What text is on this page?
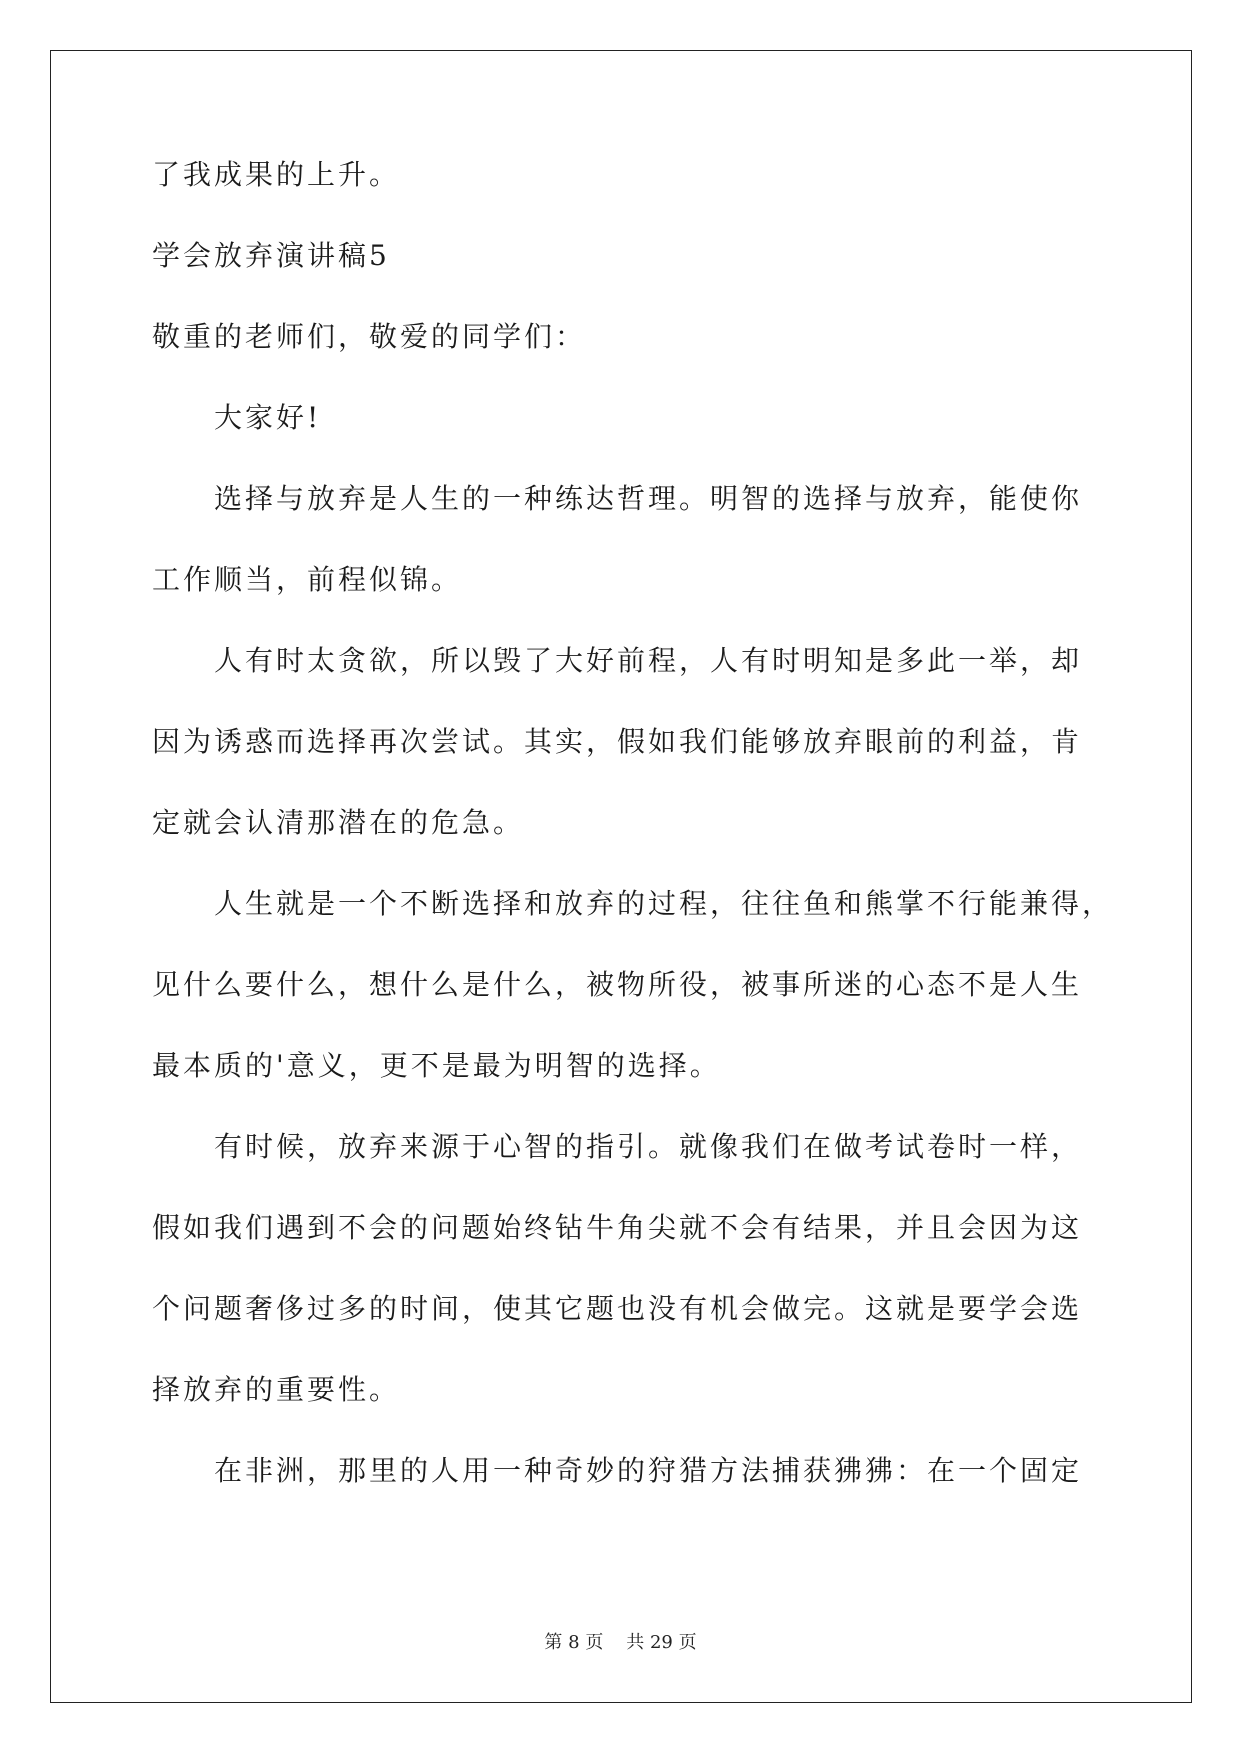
了我成果的上升。
学会放弃演讲稿5
敬重的老师们，敬爱的同学们：
大家好!
选择与放弃是人生的一种练达哲理。明智的选择与放弃，能使你
工作顺当，前程似锦。
人有时太贪欲，所以毁了大好前程，人有时明知是多此一举，却
因为诱惑而选择再次尝试。其实，假如我们能够放弃眼前的利益，肯
定就会认清那潜在的危急。
人生就是一个不断选择和放弃的过程，往往鱼和熊掌不行能兼得，
见什么要什么，想什么是什么，被物所役，被事所迷的心态不是人生
最本质的'意义，更不是最为明智的选择。
有时候，放弃来源于心智的指引。就像我们在做考试卷时一样，
假如我们遇到不会的问题始终钻牛角尖就不会有结果，并且会因为这
个问题奢侈过多的时间，使其它题也没有机会做完。这就是要学会选
择放弃的重要性。
在非洲，那里的人用一种奇妙的狩猎方法捕获狒狒：在一个固定
第 8 页 共 29 页
